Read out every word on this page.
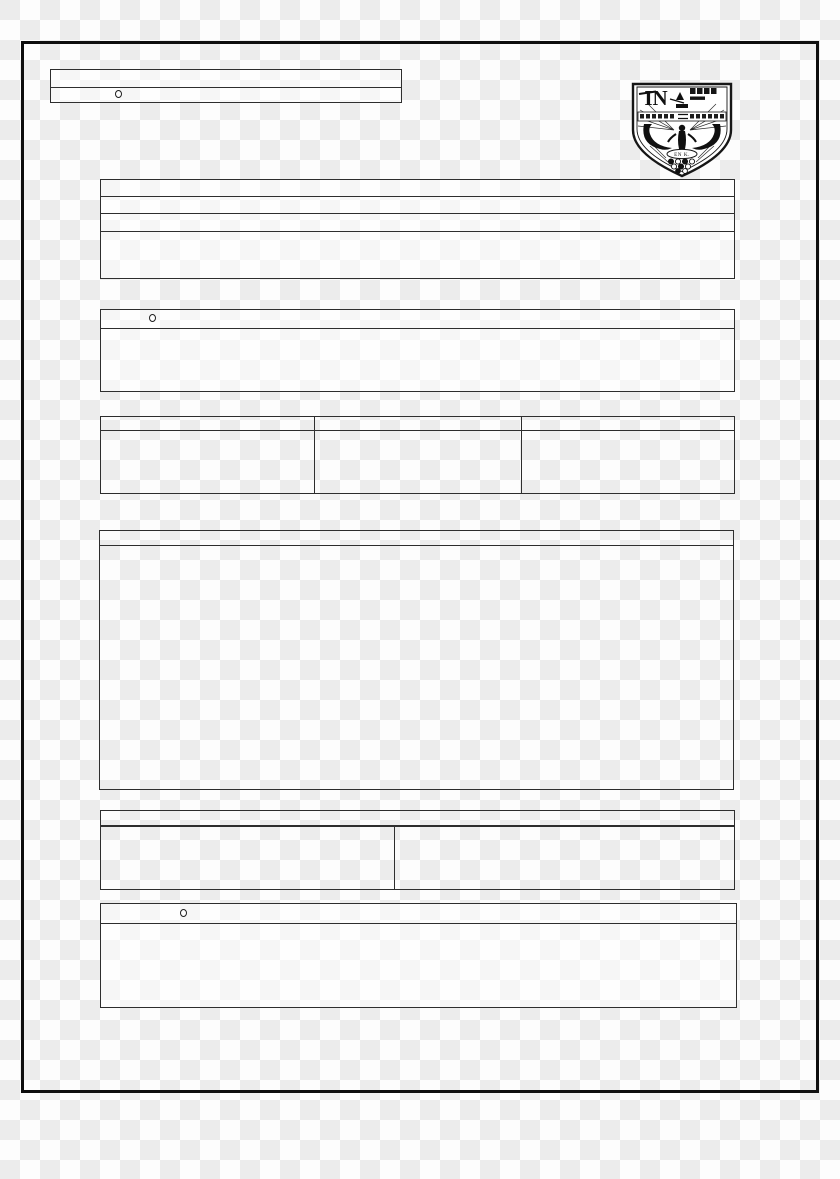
IN
EN K.
